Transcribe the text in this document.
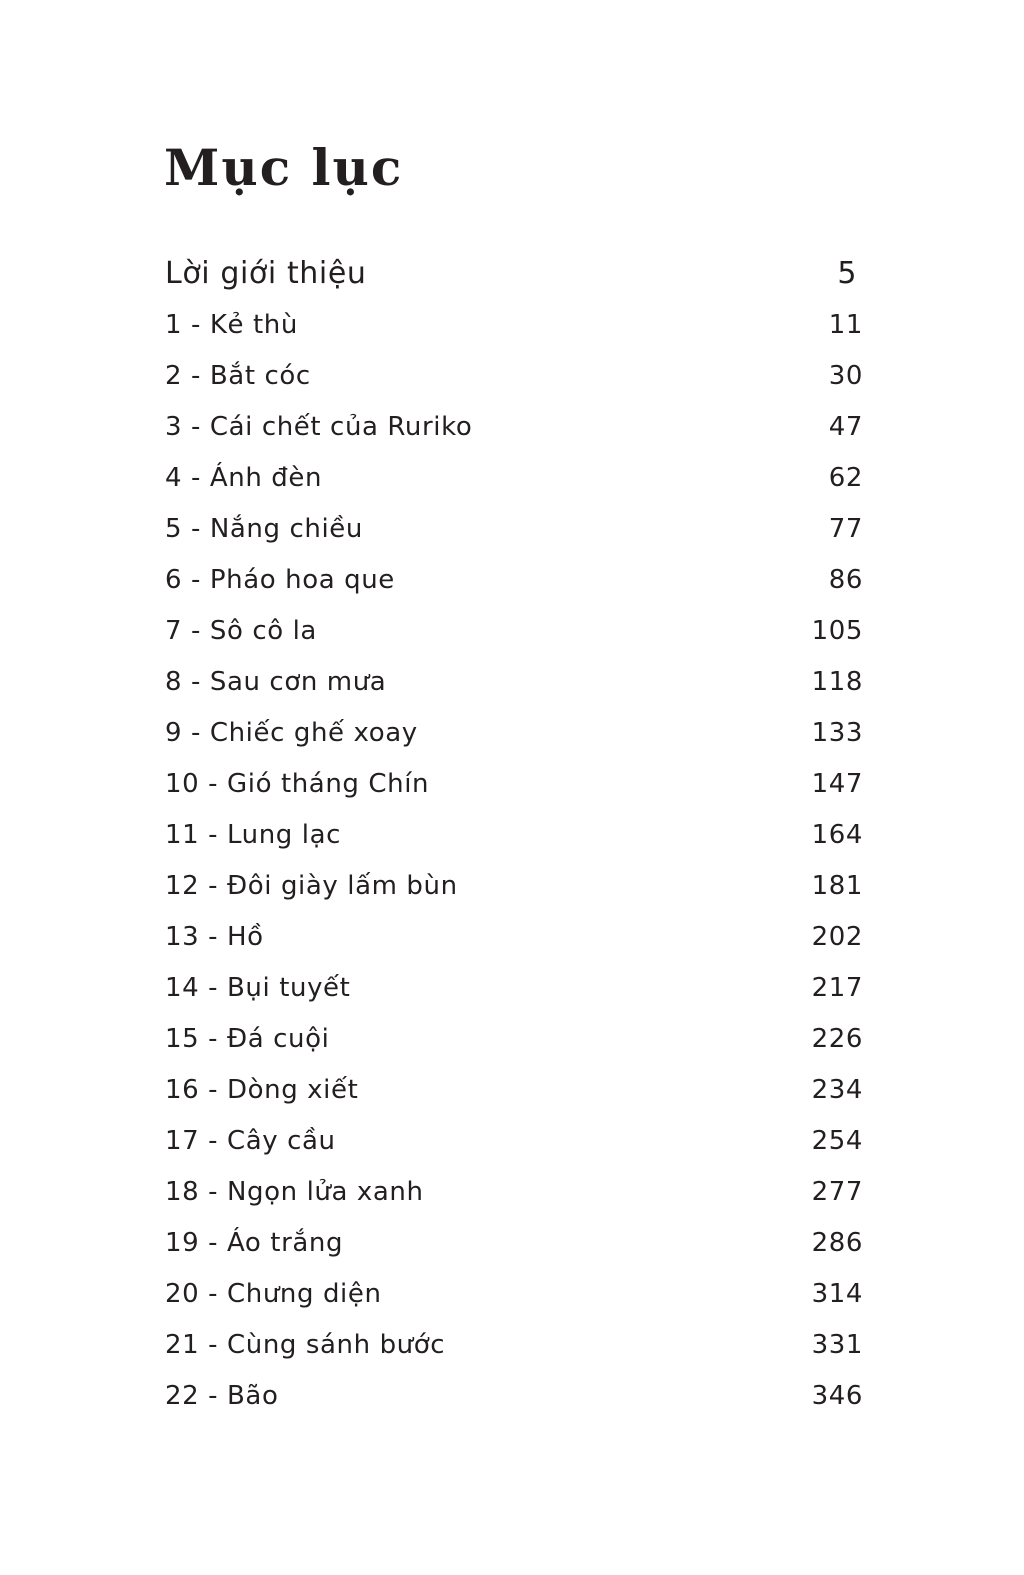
Mục lục
Lời giới thiệu	5
1 - Kẻ thù	11
2 - Bắt cóc	30
3 - Cái chết của Ruriko	47
4 - Ánh đèn	62
5 - Nắng chiều	77
6 - Pháo hoa que	86
7 - Sô cô la	105
8 - Sau cơn mưa	118
9 - Chiếc ghế xoay	133
10 - Gió tháng Chín	147
11 - Lung lạc	164
12 - Đôi giày lấm bùn	181
13 - Hồ	202
14 - Bụi tuyết	217
15 - Đá cuội	226
16 - Dòng xiết	234
17 - Cây cầu	254
18 - Ngọn lửa xanh	277
19 - Áo trắng	286
20 - Chưng diện	314
21 - Cùng sánh bước	331
22 - Bão	346
